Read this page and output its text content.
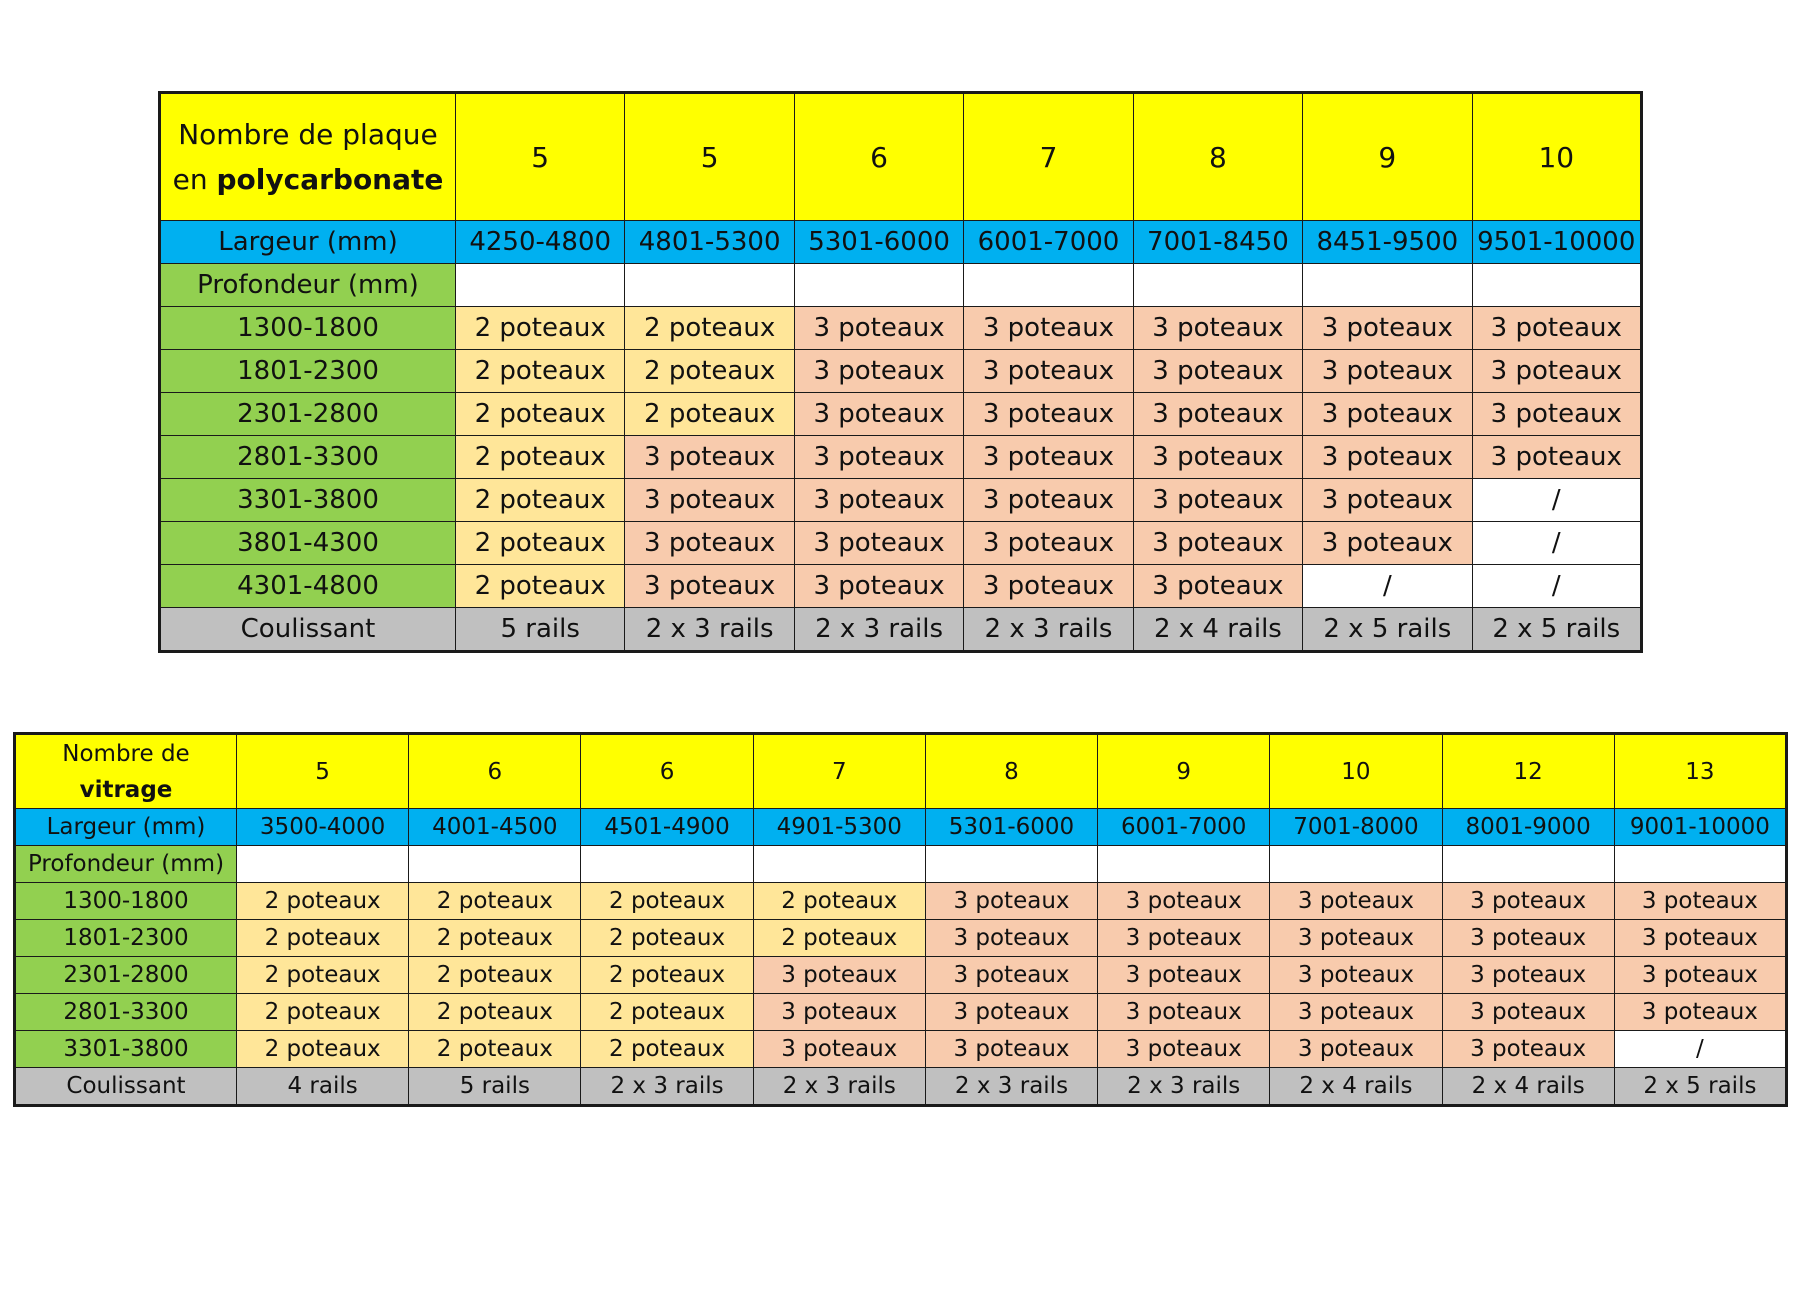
Nombre de plaque
en polycarbonate	5	5	6	7	8	9	10
Largeur (mm)	4250-4800	4801-5300	5301-6000	6001-7000	7001-8450	8451-9500	9501-10000
Profondeur (mm)							
1300-1800	2 poteaux	2 poteaux	3 poteaux	3 poteaux	3 poteaux	3 poteaux	3 poteaux
1801-2300	2 poteaux	2 poteaux	3 poteaux	3 poteaux	3 poteaux	3 poteaux	3 poteaux
2301-2800	2 poteaux	2 poteaux	3 poteaux	3 poteaux	3 poteaux	3 poteaux	3 poteaux
2801-3300	2 poteaux	3 poteaux	3 poteaux	3 poteaux	3 poteaux	3 poteaux	3 poteaux
3301-3800	2 poteaux	3 poteaux	3 poteaux	3 poteaux	3 poteaux	3 poteaux	/
3801-4300	2 poteaux	3 poteaux	3 poteaux	3 poteaux	3 poteaux	3 poteaux	/
4301-4800	2 poteaux	3 poteaux	3 poteaux	3 poteaux	3 poteaux	/	/
Coulissant	5 rails	2 x 3 rails	2 x 3 rails	2 x 3 rails	2 x 4 rails	2 x 5 rails	2 x 5 rails
Nombre de
vitrage	5	6	6	7	8	9	10	12	13
Largeur (mm)	3500-4000	4001-4500	4501-4900	4901-5300	5301-6000	6001-7000	7001-8000	8001-9000	9001-10000
Profondeur (mm)									
1300-1800	2 poteaux	2 poteaux	2 poteaux	2 poteaux	3 poteaux	3 poteaux	3 poteaux	3 poteaux	3 poteaux
1801-2300	2 poteaux	2 poteaux	2 poteaux	2 poteaux	3 poteaux	3 poteaux	3 poteaux	3 poteaux	3 poteaux
2301-2800	2 poteaux	2 poteaux	2 poteaux	3 poteaux	3 poteaux	3 poteaux	3 poteaux	3 poteaux	3 poteaux
2801-3300	2 poteaux	2 poteaux	2 poteaux	3 poteaux	3 poteaux	3 poteaux	3 poteaux	3 poteaux	3 poteaux
3301-3800	2 poteaux	2 poteaux	2 poteaux	3 poteaux	3 poteaux	3 poteaux	3 poteaux	3 poteaux	/
Coulissant	4 rails	5 rails	2 x 3 rails	2 x 3 rails	2 x 3 rails	2 x 3 rails	2 x 4 rails	2 x 4 rails	2 x 5 rails
